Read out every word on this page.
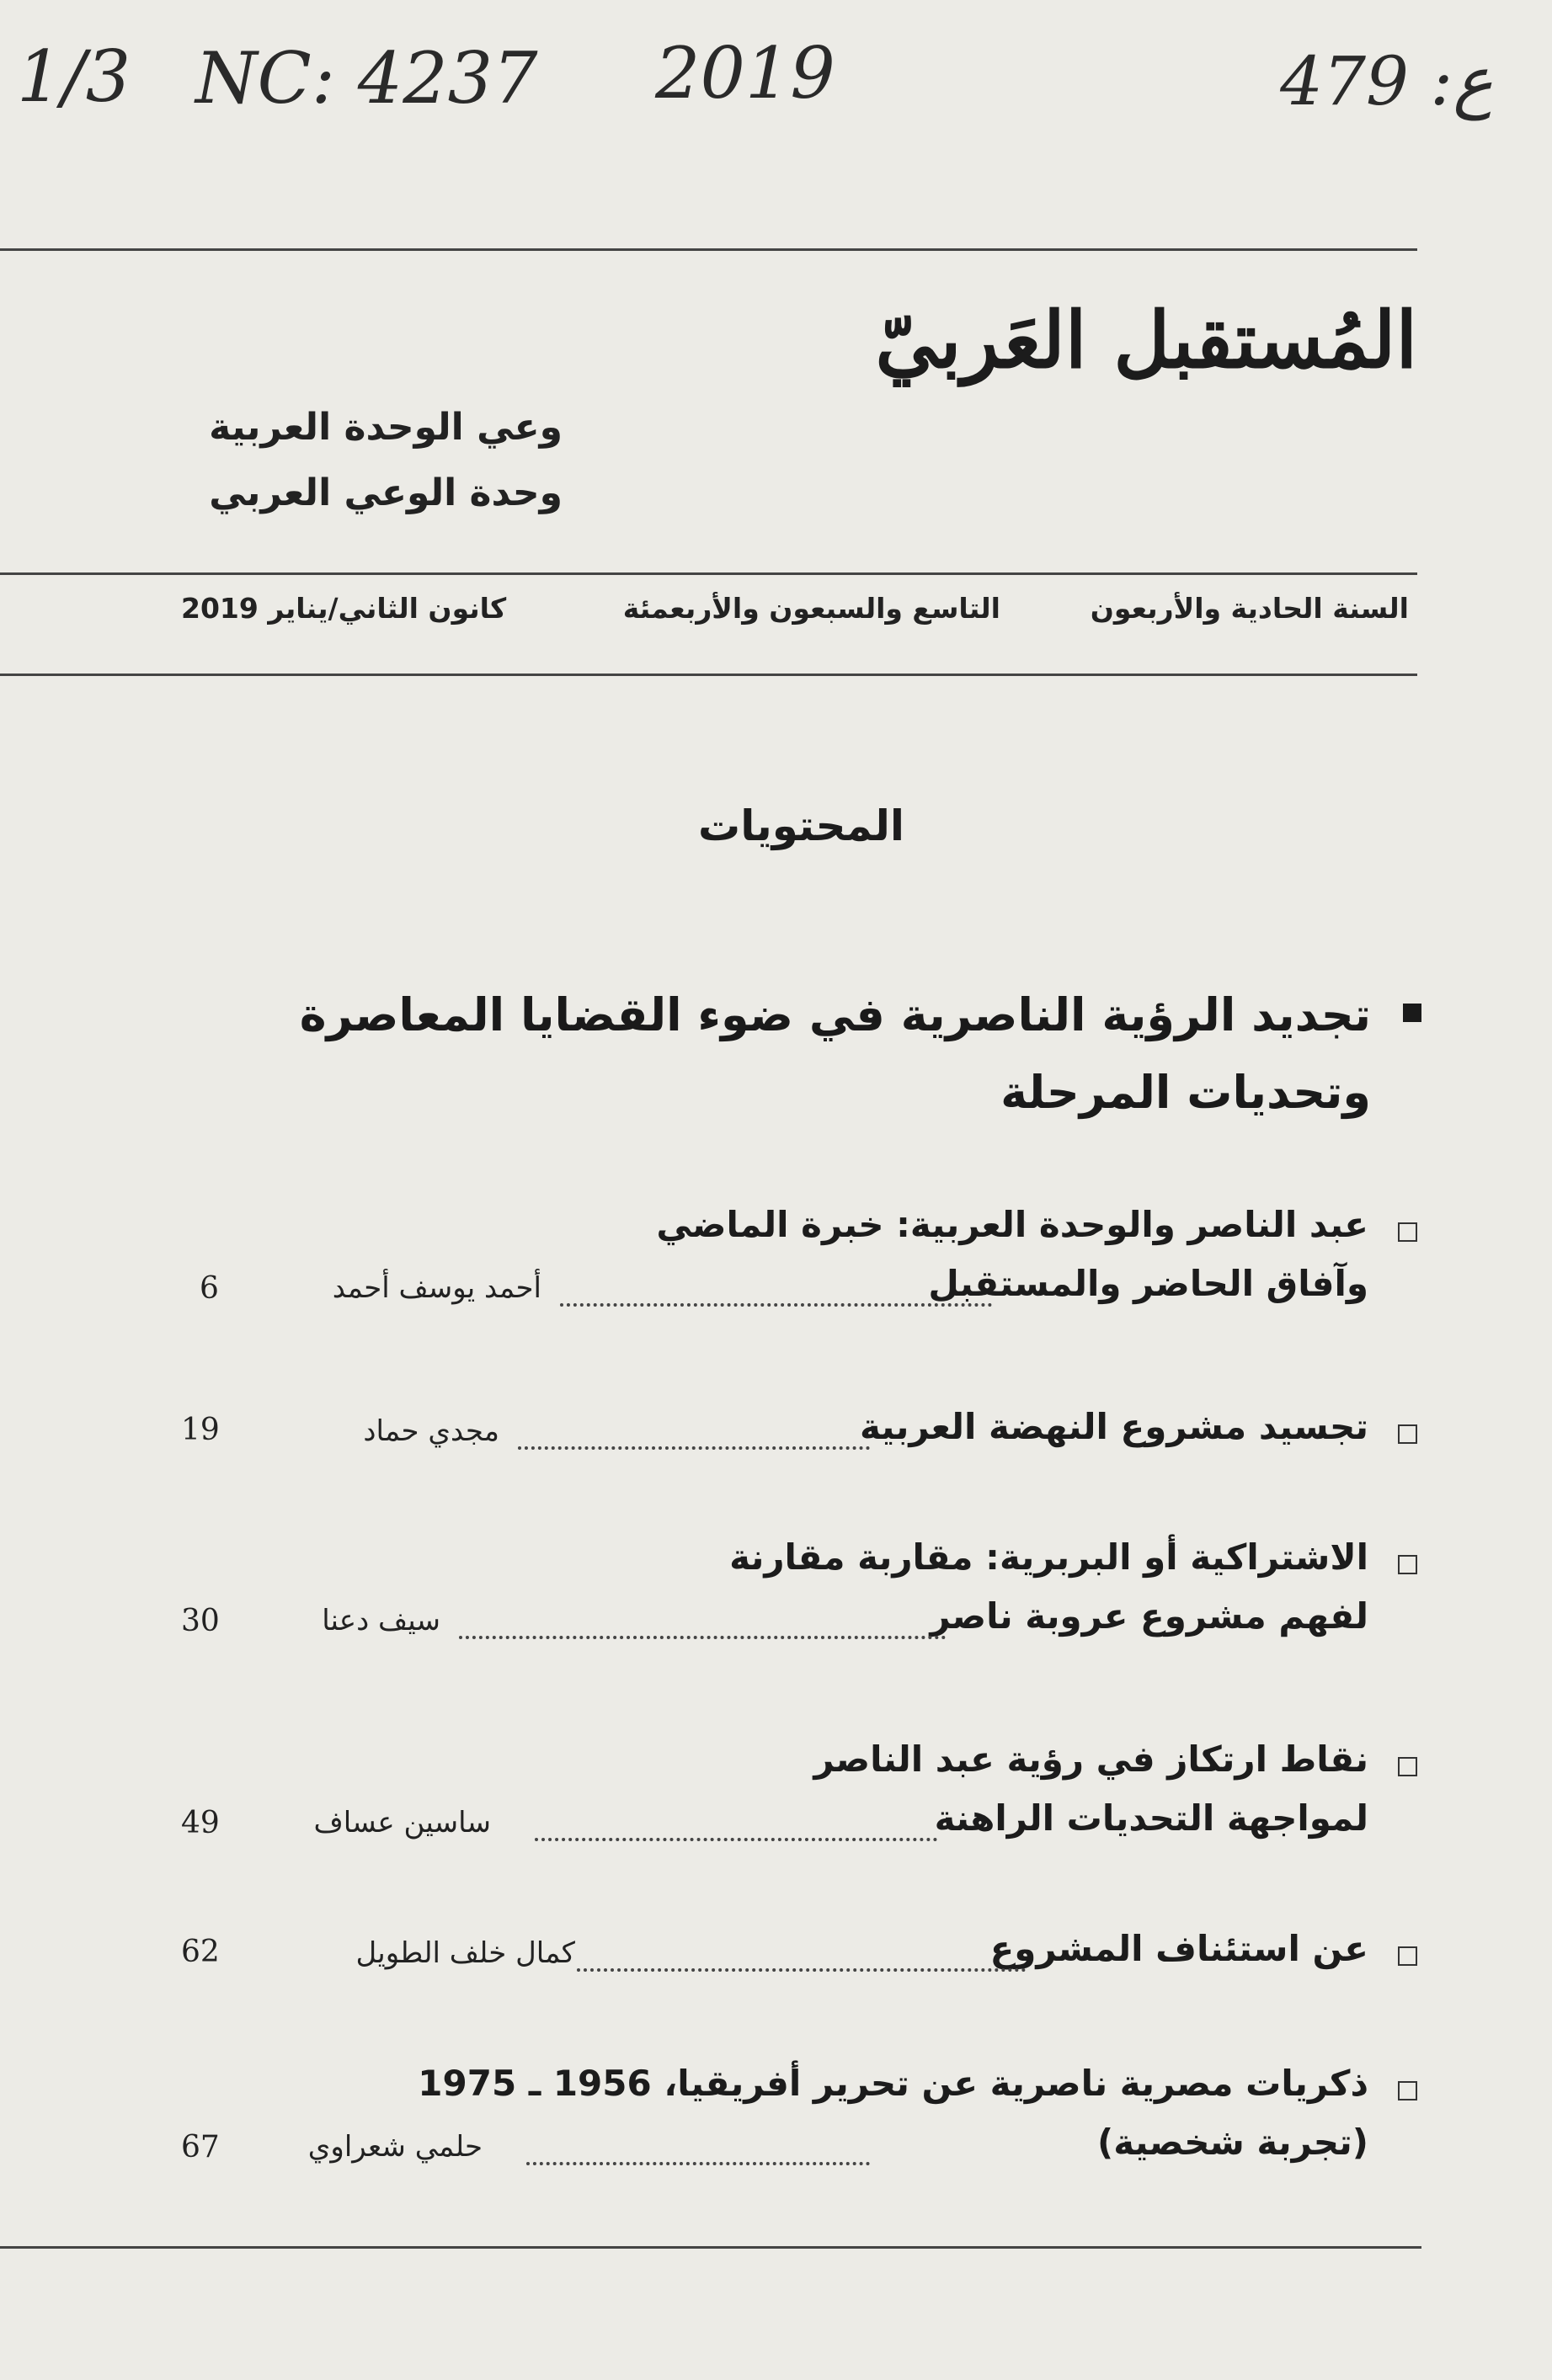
1/3 NC: 4237 2019	ع: 479
المُستقبل العَربيّ
وعي الوحدة العربية
وحدة الوعي العربي
السنة الحادية والأربعون
التاسع والسبعون والأربعمئة
كانون الثاني/يناير 2019
المحتويات
تجديد الرؤية الناصرية في ضوء القضايا المعاصرة
وتحديات المرحلة
عبد الناصر والوحدة العربية: خبرة الماضي
وآفاق الحاضر والمستقبل
أحمد يوسف أحمد
6
تجسيد مشروع النهضة العربية
مجدي حماد
19
الاشتراكية أو البربرية: مقاربة مقارنة
لفهم مشروع عروبة ناصر
سيف دعنا
30
نقاط ارتكاز في رؤية عبد الناصر
لمواجهة التحديات الراهنة
ساسين عساف
49
عن استئناف المشروع
كمال خلف الطويل
62
ذكريات مصرية ناصرية عن تحرير أفريقيا، 1956 ـ 1975
(تجربة شخصية)
حلمي شعراوي
67
